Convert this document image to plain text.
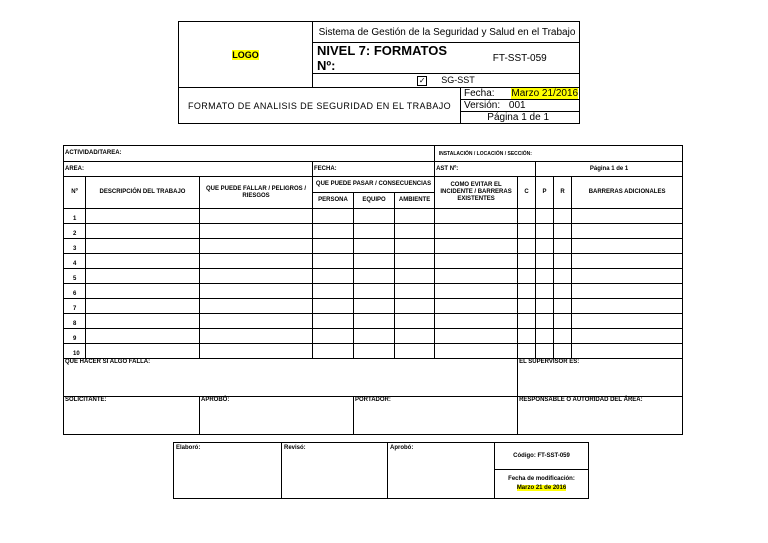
LOGO	Sistema de Gestión de la Seguridad y Salud en el Trabajo	
	NIVEL 7: FORMATOS Nº:	FT-SST-059
	✓ SG-SST	
FORMATO DE ANALISIS DE SEGURIDAD EN EL TRABAJO		Fecha: Marzo 21/2016
Versión: 001
Página 1 de 1
ACTIVIDAD/TAREA:						INSTALACIÓN / LOCACIÓN / SECCIÓN:				
AREA:			FECHA:			AST Nº:		Página 1 de 1		
Nº	DESCRIPCIÓN DEL TRABAJO	QUE PUEDE FALLAR / PELIGROS / RIESGOS	QUE PUEDE PASAR / CONSECUENCIAS			COMO EVITAR EL INCIDENTE / BARRERAS EXISTENTES	C	P	R	BARRERAS ADICIONALES
			PERSONA	EQUIPO	AMBIENTE					
1										
2										
3										
4										
5										
6										
7										
8										
9										
10										
QUE HACER SI ALGO FALLA:							EL SUPERVISOR ES:			
SOLICITANTE:		APROBÓ:		PORTADOR:			RESPONSABLE O AUTORIDAD DEL ÁREA:			
Elaboró:	Revisó:	Aprobó:	Código: FT-SST-059

Fecha de modificación:
Marzo 21 de 2016
